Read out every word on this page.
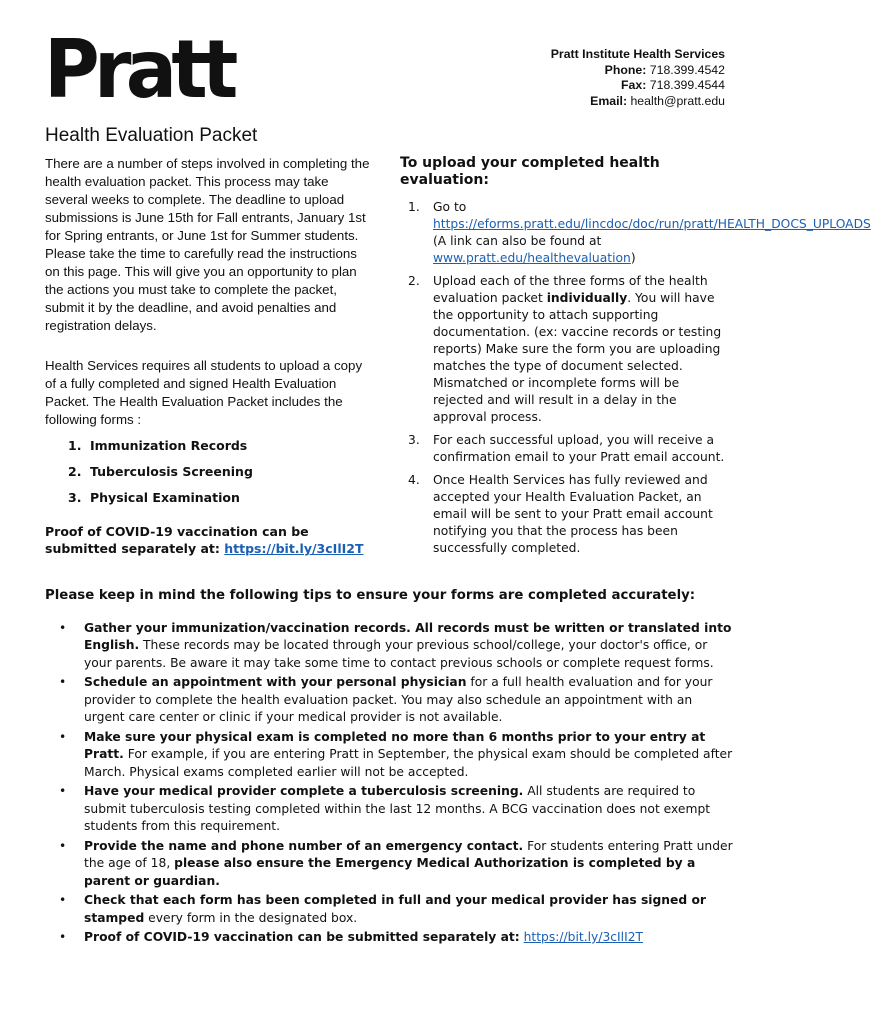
Pratt	Pratt Institute Health Services
Phone: 718.399.4542
Fax: 718.399.4544
Email: health@pratt.edu
Health Evaluation Packet

There are a number of steps involved in completing the health evaluation packet. This process may take several weeks to complete. The deadline to upload submissions is June 15th for Fall entrants, January 1st for Spring entrants, or June 1st for Summer students. Please take the time to carefully read the instructions on this page. This will give you an opportunity to plan the actions you must take to complete the packet, submit it by the deadline, and avoid penalties and registration delays.

Health Services requires all students to upload a copy of a fully completed and signed Health Evaluation Packet. The Health Evaluation Packet includes the following forms :

1. Immunization Records
2. Tuberculosis Screening
3. Physical Examination

Proof of COVID-19 vaccination can be submitted separately at: https://bit.ly/3cIlI2T

To upload your completed health evaluation:
1. Go to https://eforms.pratt.edu/lincdoc/doc/run/pratt/HEALTH_DOCS_UPLOADS (A link can also be found at www.pratt.edu/healthevaluation)
2. Upload each of the three forms of the health evaluation packet individually. You will have the opportunity to attach supporting documentation. (ex: vaccine records or testing reports) Make sure the form you are uploading matches the type of document selected. Mismatched or incomplete forms will be rejected and will result in a delay in the approval process.
3. For each successful upload, you will receive a confirmation email to your Pratt email account.
4. Once Health Services has fully reviewed and accepted your Health Evaluation Packet, an email will be sent to your Pratt email account notifying you that the process has been successfully completed.
Please keep in mind the following tips to ensure your forms are completed accurately:
• Gather your immunization/vaccination records. All records must be written or translated into English. These records may be located through your previous school/college, your doctor's office, or your parents. Be aware it may take some time to contact previous schools or complete request forms.
• Schedule an appointment with your personal physician for a full health evaluation and for your provider to complete the health evaluation packet. You may also schedule an appointment with an urgent care center or clinic if your medical provider is not available.
• Make sure your physical exam is completed no more than 6 months prior to your entry at Pratt. For example, if you are entering Pratt in September, the physical exam should be completed after March. Physical exams completed earlier will not be accepted.
• Have your medical provider complete a tuberculosis screening. All students are required to submit tuberculosis testing completed within the last 12 months. A BCG vaccination does not exempt students from this requirement.
• Provide the name and phone number of an emergency contact. For students entering Pratt under the age of 18, please also ensure the Emergency Medical Authorization is completed by a parent or guardian.
• Check that each form has been completed in full and your medical provider has signed or stamped every form in the designated box.
• Proof of COVID-19 vaccination can be submitted separately at: https://bit.ly/3cIlI2T
